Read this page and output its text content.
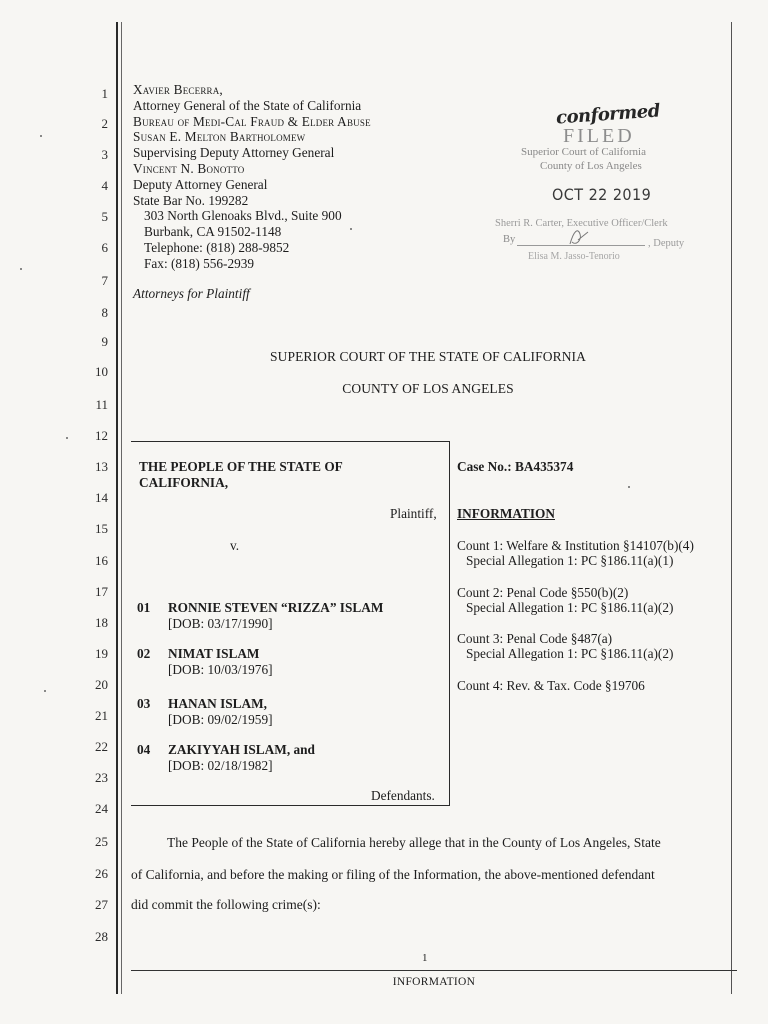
1
2
3
4
5
6
7
8
9
10
11
12
13
14
15
16
17
18
19
20
21
22
23
24
25
26
27
28
Xavier Becerra,
Attorney General of the State of California
Bureau of Medi-Cal Fraud & Elder Abuse
Susan E. Melton Bartholomew
Supervising Deputy Attorney General
Vincent N. Bonotto
Deputy Attorney General
State Bar No. 199282
303 North Glenoaks Blvd., Suite 900
Burbank, CA 91502-1148
Telephone: (818) 288-9852
Fax: (818) 556-2939
Attorneys for Plaintiff
conformed
FILED
Superior Court of California
County of Los Angeles
OCT 22 2019
Sherri R. Carter, Executive Officer/Clerk
By	, Deputy
Elisa M. Jasso-Tenorio
SUPERIOR COURT OF THE STATE OF CALIFORNIA
COUNTY OF LOS ANGELES
THE PEOPLE OF THE STATE OF
CALIFORNIA,
Plaintiff,
v.
01 RONNIE STEVEN “RIZZA” ISLAM
[DOB: 03/17/1990]
02 NIMAT ISLAM
[DOB: 10/03/1976]
03 HANAN ISLAM,
[DOB: 09/02/1959]
04 ZAKIYYAH ISLAM, and
[DOB: 02/18/1982]
Defendants.
Case No.: BA435374
INFORMATION
Count 1: Welfare & Institution §14107(b)(4)
Special Allegation 1: PC §186.11(a)(1)
Count 2: Penal Code §550(b)(2)
Special Allegation 1: PC §186.11(a)(2)
Count 3: Penal Code §487(a)
Special Allegation 1: PC §186.11(a)(2)
Count 4: Rev. & Tax. Code §19706
The People of the State of California hereby allege that in the County of Los Angeles, State
of California, and before the making or filing of the Information, the above-mentioned defendant
did commit the following crime(s):
1
INFORMATION
